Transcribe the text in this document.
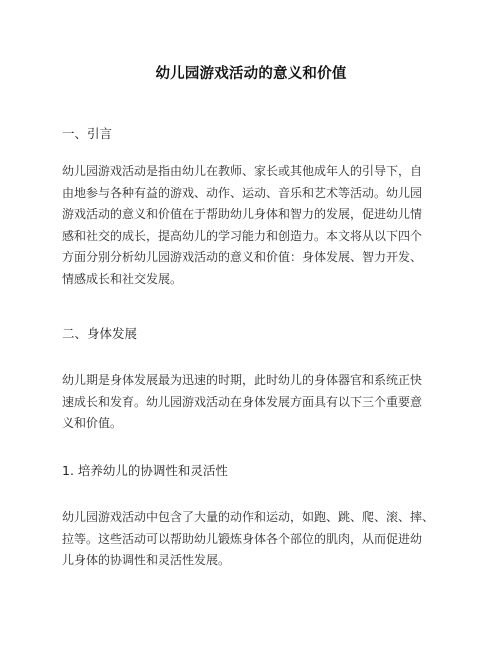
幼儿园游戏活动的意义和价值
一、引言
幼儿园游戏活动是指由幼儿在教师、家长或其他成年人的引导下，自
由地参与各种有益的游戏、动作、运动、音乐和艺术等活动。幼儿园
游戏活动的意义和价值在于帮助幼儿身体和智力的发展，促进幼儿情
感和社交的成长，提高幼儿的学习能力和创造力。本文将从以下四个
方面分别分析幼儿园游戏活动的意义和价值：身体发展、智力开发、
情感成长和社交发展。
二、身体发展
幼儿期是身体发展最为迅速的时期，此时幼儿的身体器官和系统正快
速成长和发育。幼儿园游戏活动在身体发展方面具有以下三个重要意
义和价值。
1. 培养幼儿的协调性和灵活性
幼儿园游戏活动中包含了大量的动作和运动，如跑、跳、爬、滚、摔、
拉等。这些活动可以帮助幼儿锻炼身体各个部位的肌肉，从而促进幼
儿身体的协调性和灵活性发展。
